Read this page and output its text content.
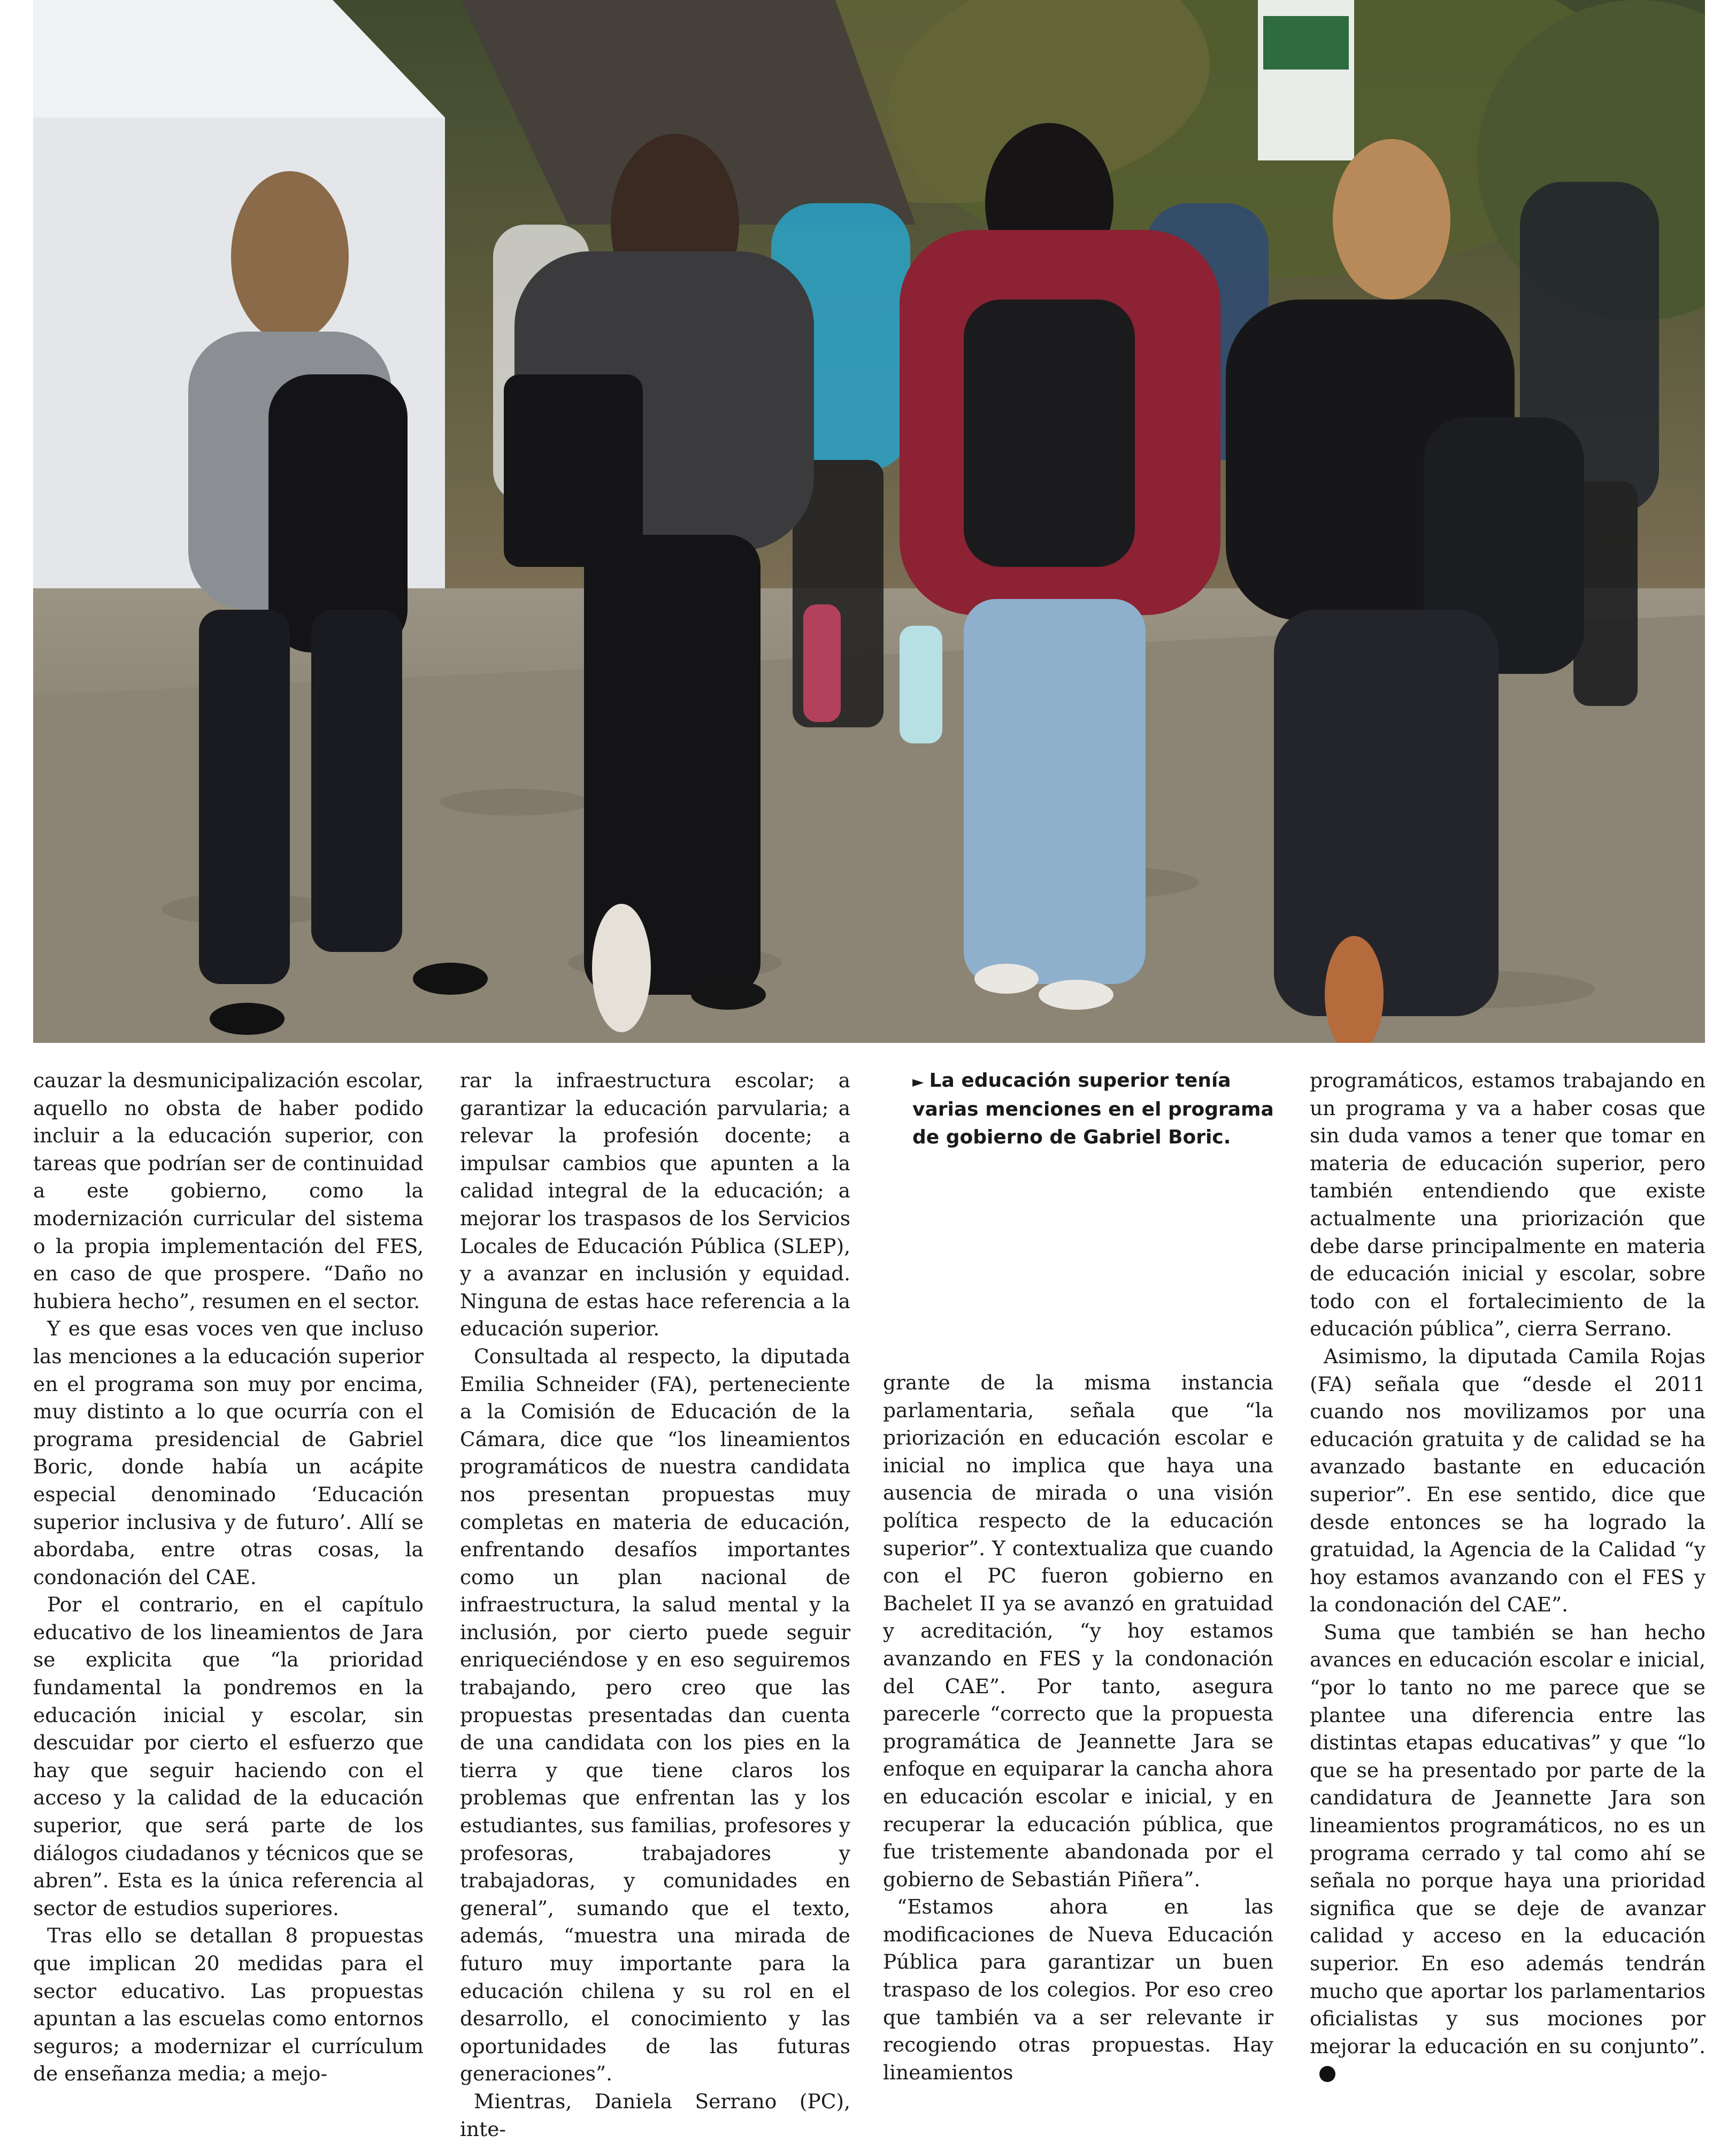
► La educación superior tenía varias menciones en el programa de gobierno de Gabriel Boric.

cauzar la desmunicipalización escolar, aquello no obsta de haber podido incluir a la educación superior, con tareas que podrían ser de continuidad a este gobierno, como la modernización curricular del sistema o la propia implementación del FES, en caso de que prospere. “Daño no hubiera hecho”, resumen en el sector.

Y es que esas voces ven que incluso las menciones a la educación superior en el programa son muy por encima, muy distinto a lo que ocurría con el programa presidencial de Gabriel Boric, donde había un acápite especial denominado ‘Educación superior inclusiva y de futuro’. Allí se abordaba, entre otras cosas, la condonación del CAE.

Por el contrario, en el capítulo educativo de los lineamientos de Jara se explicita que “la prioridad fundamental la pondremos en la educación inicial y escolar, sin descuidar por cierto el esfuerzo que hay que seguir haciendo con el acceso y la calidad de la educación superior, que será parte de los diálogos ciudadanos y técnicos que se abren”. Esta es la única referencia al sector de estudios superiores.

Tras ello se detallan 8 propuestas que implican 20 medidas para el sector educativo. Las propuestas apuntan a las escuelas como entornos seguros; a modernizar el currículum de enseñanza media; a mejo-

rar la infraestructura escolar; a garantizar la educación parvularia; a relevar la profesión docente; a impulsar cambios que apunten a la calidad integral de la educación; a mejorar los traspasos de los Servicios Locales de Educación Pública (SLEP), y a avanzar en inclusión y equidad. Ninguna de estas hace referencia a la educación superior.

Consultada al respecto, la diputada Emilia Schneider (FA), perteneciente a la Comisión de Educación de la Cámara, dice que “los lineamientos programáticos de nuestra candidata nos presentan propuestas muy completas en materia de educación, enfrentando desafíos importantes como un plan nacional de infraestructura, la salud mental y la inclusión, por cierto puede seguir enriqueciéndose y en eso seguiremos trabajando, pero creo que las propuestas presentadas dan cuenta de una candidata con los pies en la tierra y que tiene claros los problemas que enfrentan las y los estudiantes, sus familias, profesores y profesoras, trabajadores y trabajadoras, y comunidades en general”, sumando que el texto, además, “muestra una mirada de futuro muy importante para la educación chilena y su rol en el desarrollo, el conocimiento y las oportunidades de las futuras generaciones”.

Mientras, Daniela Serrano (PC), inte-

grante de la misma instancia parlamentaria, señala que “la priorización en educación escolar e inicial no implica que haya una ausencia de mirada o una visión política respecto de la educación superior”. Y contextualiza que cuando con el PC fueron gobierno en Bachelet II ya se avanzó en gratuidad y acreditación, “y hoy estamos avanzando en FES y la condonación del CAE”. Por tanto, asegura parecerle “correcto que la propuesta programática de Jeannette Jara se enfoque en equiparar la cancha ahora en educación escolar e inicial, y en recuperar la educación pública, que fue tristemente abandonada por el gobierno de Sebastián Piñera”.

“Estamos ahora en las modificaciones de Nueva Educación Pública para garantizar un buen traspaso de los colegios. Por eso creo que también va a ser relevante ir recogiendo otras propuestas. Hay lineamientos

programáticos, estamos trabajando en un programa y va a haber cosas que sin duda vamos a tener que tomar en materia de educación superior, pero también entendiendo que existe actualmente una priorización que debe darse principalmente en materia de educación inicial y escolar, sobre todo con el fortalecimiento de la educación pública”, cierra Serrano.

Asimismo, la diputada Camila Rojas (FA) señala que “desde el 2011 cuando nos movilizamos por una educación gratuita y de calidad se ha avanzado bastante en educación superior”. En ese sentido, dice que desde entonces se ha logrado la gratuidad, la Agencia de la Calidad “y hoy estamos avanzando con el FES y la condonación del CAE”.

Suma que también se han hecho avances en educación escolar e inicial, “por lo tanto no me parece que se plantee una diferencia entre las distintas etapas educativas” y que “lo que se ha presentado por parte de la candidatura de Jeannette Jara son lineamientos programáticos, no es un programa cerrado y tal como ahí se señala no porque haya una prioridad significa que se deje de avanzar calidad y acceso en la educación superior. En eso además tendrán mucho que aportar los parlamentarios oficialistas y sus mociones por mejorar la educación en su conjunto”.
